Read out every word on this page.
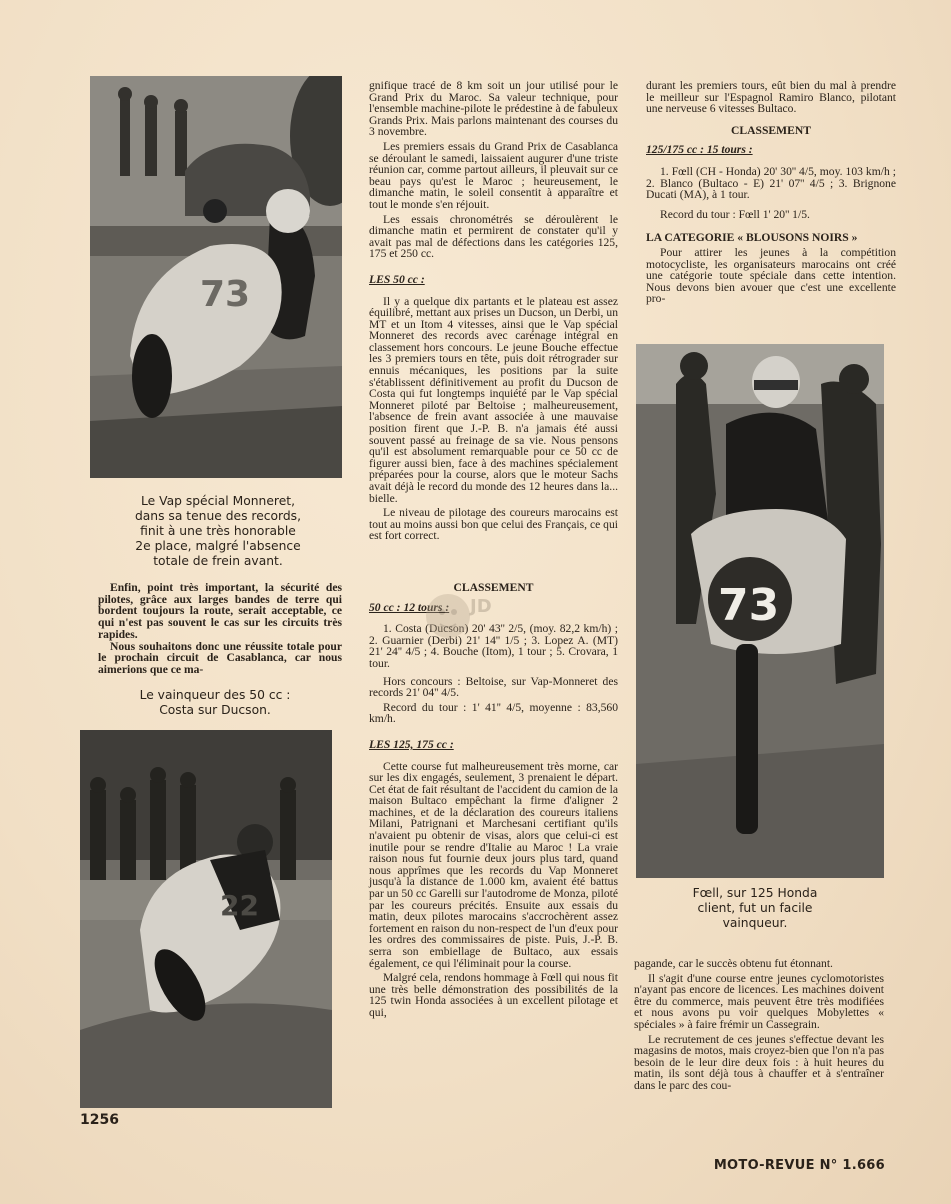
73
22
73
Le Vap spécial Monneret,
dans sa tenue des records,
finit à une très honorable
2e place, malgré l'absence
totale de frein avant.

Enfin, point très important, la sécurité des pilotes, grâce aux larges bandes de terre qui bordent toujours la route, serait acceptable, ce qui n'est pas souvent le cas sur les circuits très rapides.

Nous souhaitons donc une réussite totale pour le prochain circuit de Casablanca, car nous aimerions que ce ma-

Le vainqueur des 50 cc :
Costa sur Ducson.
Fœll, sur 125 Honda
client, fut un facile
vainqueur.

gnifique tracé de 8 km soit un jour utilisé pour le Grand Prix du Maroc. Sa valeur technique, pour l'ensemble machine-pilote le prédestine à de fabuleux Grands Prix. Mais parlons maintenant des courses du 3 novembre.

Les premiers essais du Grand Prix de Casablanca se déroulant le samedi, laissaient augurer d'une triste réunion car, comme partout ailleurs, il pleuvait sur ce beau pays qu'est le Maroc ; heureusement, le dimanche matin, le soleil consentit à apparaître et tout le monde s'en réjouit.

Les essais chronométrés se déroulèrent le dimanche matin et permirent de constater qu'il y avait pas mal de défections dans les catégories 125, 175 et 250 cc.

LES 50 cc :

Il y a quelque dix partants et le plateau est assez équilibré, mettant aux prises un Ducson, un Derbi, un MT et un Itom 4 vitesses, ainsi que le Vap spécial Monneret des records avec carénage intégral en classement hors concours. Le jeune Bouche effectue les 3 premiers tours en tête, puis doit rétrograder sur ennuis mécaniques, les positions par la suite s'établissent définitivement au profit du Ducson de Costa qui fut longtemps inquiété par le Vap spécial Monneret piloté par Beltoise ; malheureusement, l'absence de frein avant associée à une mauvaise position firent que J.-P. B. n'a jamais été aussi souvent passé au freinage de sa vie. Nous pensons qu'il est absolument remarquable pour ce 50 cc de figurer aussi bien, face à des machines spécialement préparées pour la course, alors que le moteur Sachs avait déjà le record du monde des 12 heures dans la... bielle.

Le niveau de pilotage des coureurs marocains est tout au moins aussi bon que celui des Français, ce qui est fort correct.

CLASSEMENT

50 cc : 12 tours :

1. Costa (Ducson) 20' 43'' 2/5, (moy. 82,2 km/h) ; 2. Guarnier (Derbi) 21' 14'' 1/5 ; 3. Lopez A. (MT) 21' 24'' 4/5 ; 4. Bouche (Itom), 1 tour ; 5. Crovara, 1 tour.

Hors concours : Beltoise, sur Vap-Monneret des records 21' 04'' 4/5.

Record du tour : 1' 41'' 4/5, moyenne : 83,560 km/h.

LES 125, 175 cc :

Cette course fut malheureusement très morne, car sur les dix engagés, seulement, 3 prenaient le départ. Cet état de fait résultant de l'accident du camion de la maison Bultaco empêchant la firme d'aligner 2 machines, et de la déclaration des coureurs italiens Milani, Patrignani et Marchesani certifiant qu'ils n'avaient pu obtenir de visas, alors que celui-ci est inutile pour se rendre d'Italie au Maroc ! La vraie raison nous fut fournie deux jours plus tard, quand nous apprîmes que les records du Vap Monneret jusqu'à la distance de 1.000 km, avaient été battus par un 50 cc Garelli sur l'autodrome de Monza, piloté par les coureurs précités. Ensuite aux essais du matin, deux pilotes marocains s'accrochèrent assez fortement en raison du non-respect de l'un d'eux pour les ordres des commissaires de piste. Puis, J.-P. B. serra son embiellage de Bultaco, aux essais également, ce qui l'éliminait pour la course.

Malgré cela, rendons hommage à Fœll qui nous fit une très belle démonstration des possibilités de la 125 twin Honda associées à un excellent pilotage et qui,

JD

durant les premiers tours, eût bien du mal à prendre le meilleur sur l'Espagnol Ramiro Blanco, pilotant une nerveuse 6 vitesses Bultaco.

CLASSEMENT

125/175 cc : 15 tours :

1. Fœll (CH - Honda) 20' 30'' 4/5, moy. 103 km/h ; 2. Blanco (Bultaco - E) 21' 07'' 4/5 ; 3. Brignone Ducati (MA), à 1 tour.

Record du tour : Fœll 1' 20'' 1/5.

LA CATEGORIE « BLOUSONS NOIRS »

Pour attirer les jeunes à la compétition motocycliste, les organisateurs marocains ont créé une catégorie toute spéciale dans cette intention. Nous devons bien avouer que c'est une excellente pro-

pagande, car le succès obtenu fut étonnant.

Il s'agit d'une course entre jeunes cyclomotoristes n'ayant pas encore de licences. Les machines doivent être du commerce, mais peuvent être très modifiées et nous avons pu voir quelques Mobylettes « spéciales » à faire frémir un Cassegrain.

Le recrutement de ces jeunes s'effectue devant les magasins de motos, mais croyez-bien que l'on n'a pas besoin de le leur dire deux fois : à huit heures du matin, ils sont déjà tous à chauffer et à s'entraîner dans le parc des cou-

1256
MOTO-REVUE N° 1.666
